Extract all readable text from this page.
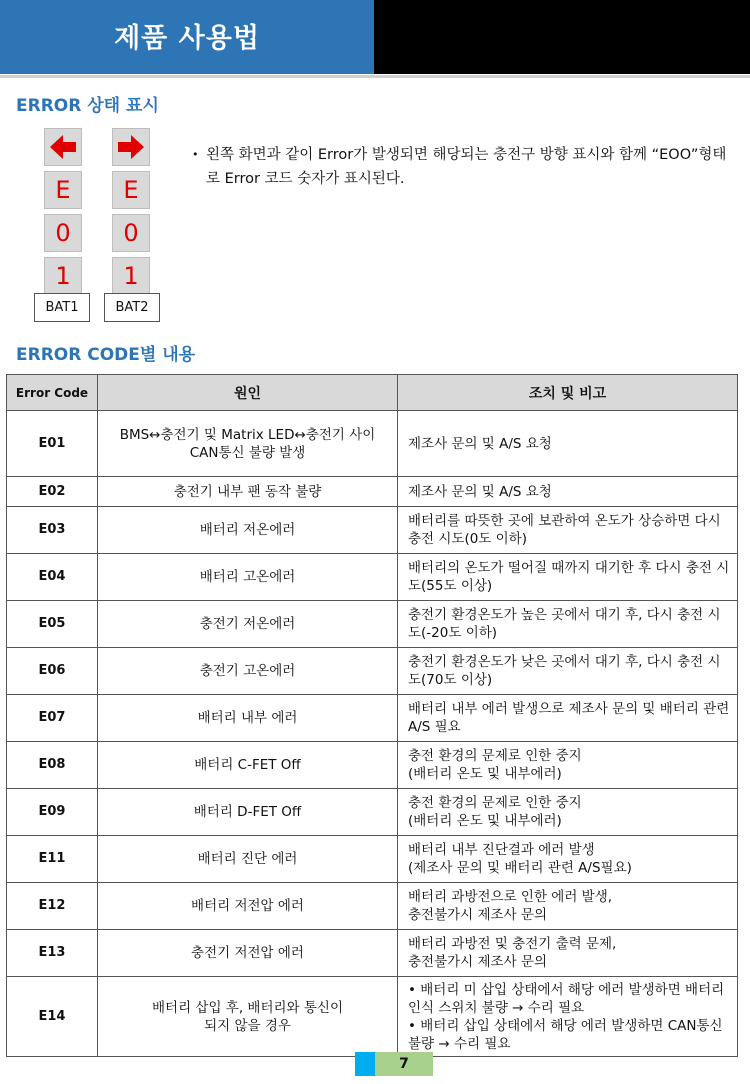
제품 사용법
ERROR 상태 표시
E
0
1
E
0
1
BAT1	BAT2
• 왼쪽 화면과 같이 Error가 발생되면 해당되는 충전구 방향 표시와 함께 “EOO”형태로 Error 코드 숫자가 표시된다.
ERROR CODE별 내용
Error Code	원인	조치 및 비고
E01	BMS↔충전기 및 Matrix LED↔충전기 사이
CAN통신 불량 발생	제조사 문의 및 A/S 요청
E02	충전기 내부 팬 동작 불량	제조사 문의 및 A/S 요청
E03	배터리 저온에러	배터리를 따뜻한 곳에 보관하여 온도가 상승하면 다시 충전 시도(0도 이하)
E04	배터리 고온에러	배터리의 온도가 떨어질 때까지 대기한 후 다시 충전 시도(55도 이상)
E05	충전기 저온에러	충전기 환경온도가 높은 곳에서 대기 후, 다시 충전 시도(-20도 이하)
E06	충전기 고온에러	충전기 환경온도가 낮은 곳에서 대기 후, 다시 충전 시도(70도 이상)
E07	배터리 내부 에러	배터리 내부 에러 발생으로 제조사 문의 및 배터리 관련 A/S 필요
E08	배터리 C-FET Off	충전 환경의 문제로 인한 중지
(배터리 온도 및 내부에러)
E09	배터리 D-FET Off	충전 환경의 문제로 인한 중지
(배터리 온도 및 내부에러)
E11	배터리 진단 에러	배터리 내부 진단결과 에러 발생
(제조사 문의 및 배터리 관련 A/S필요)
E12	배터리 저전압 에러	배터리 과방전으로 인한 에러 발생,
충전불가시 제조사 문의
E13	충전기 저전압 에러	배터리 과방전 및 충전기 출력 문제,
충전불가시 제조사 문의
E14	배터리 삽입 후, 배터리와 통신이
되지 않을 경우	• 배터리 미 삽입 상태에서 해당 에러 발생하면 배터리 인식 스위치 불량 → 수리 필요
• 배터리 삽입 상태에서 해당 에러 발생하면 CAN통신 불량 → 수리 필요
7
